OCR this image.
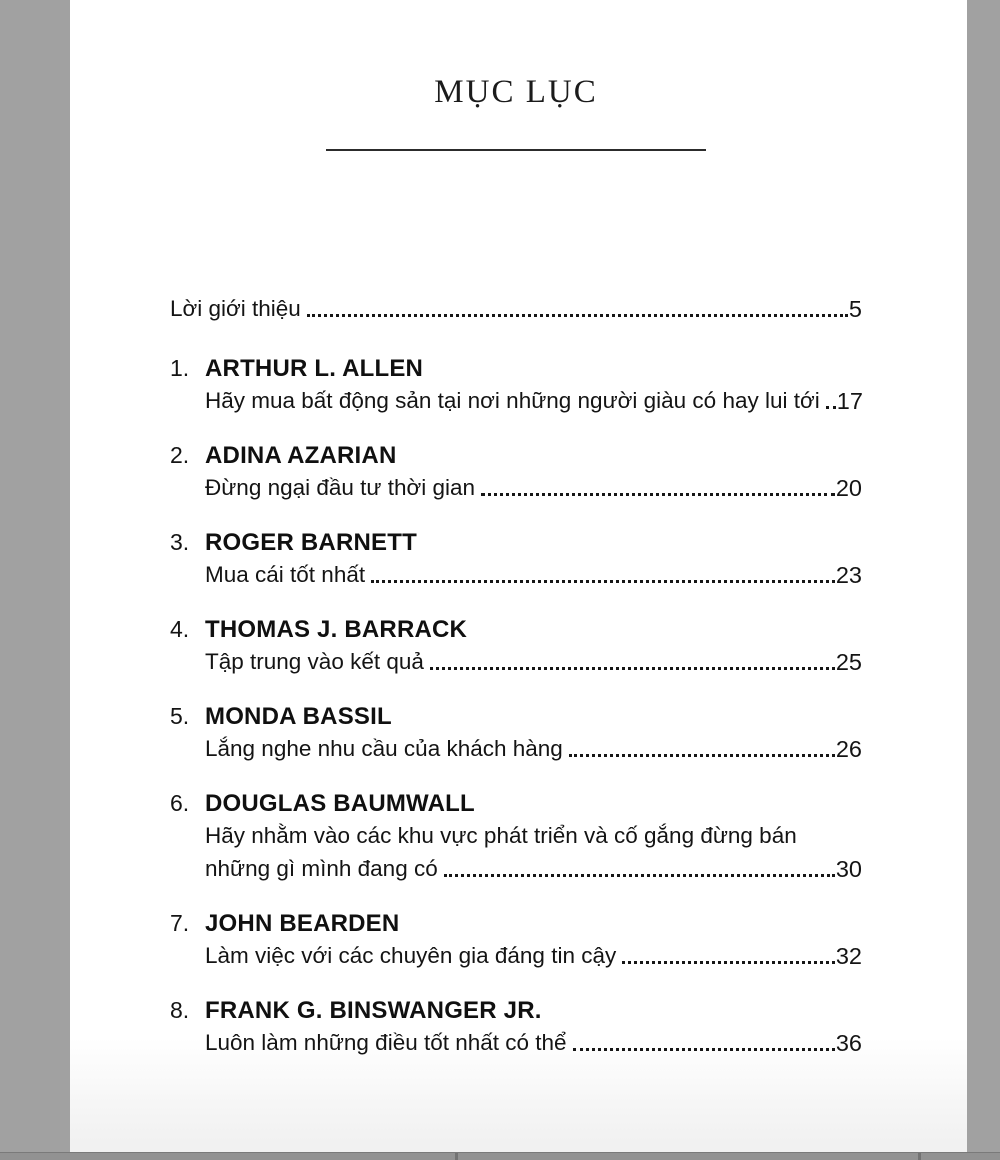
MỤC LỤC
Lời giới thiệu	5
1. ARTHUR L. ALLEN
Hãy mua bất động sản tại nơi những người giàu có hay lui tới 17
2. ADINA AZARIAN
Đừng ngại đầu tư thời gian	20
3. ROGER BARNETT
Mua cái tốt nhất	23
4. THOMAS J. BARRACK
Tập trung vào kết quả	25
5. MONDA BASSIL
Lắng nghe nhu cầu của khách hàng	26
6. DOUGLAS BAUMWALL
Hãy nhằm vào các khu vực phát triển và cố gắng đừng bán
những gì mình đang có	30
7. JOHN BEARDEN
Làm việc với các chuyên gia đáng tin cậy	32
8. FRANK G. BINSWANGER JR.
Luôn làm những điều tốt nhất có thể	36
